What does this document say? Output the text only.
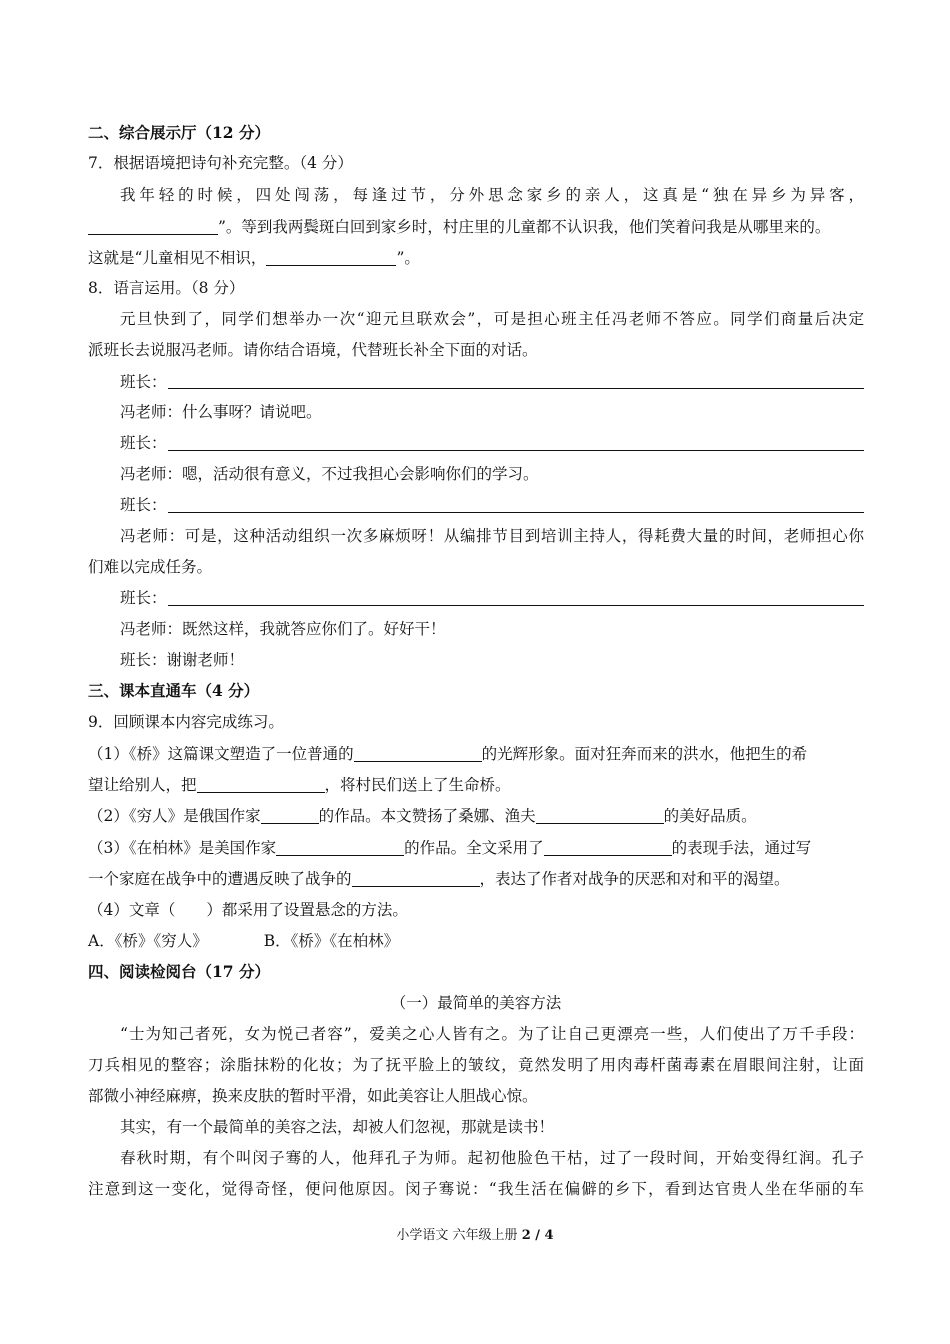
二、综合展示厅（12 分）
7．根据语境把诗句补充完整。（4 分）
我年轻的时候，四处闯荡，每逢过节，分外思念家乡的亲人，这真是“独在异乡为异客，
”。等到我两鬓斑白回到家乡时，村庄里的儿童都不认识我，他们笑着问我是从哪里来的。
这就是“儿童相见不相识，	”。
8．语言运用。（8 分）
元旦快到了，同学们想举办一次“迎元旦联欢会”，可是担心班主任冯老师不答应。同学们商量后决定
派班长去说服冯老师。请你结合语境，代替班长补全下面的对话。
班长：
冯老师：什么事呀？请说吧。
班长：
冯老师：嗯，活动很有意义，不过我担心会影响你们的学习。
班长：
冯老师：可是，这种活动组织一次多麻烦呀！从编排节目到培训主持人，得耗费大量的时间，老师担心你
们难以完成任务。
班长：
冯老师：既然这样，我就答应你们了。好好干！
班长：谢谢老师！
三、课本直通车（4 分）
9．回顾课本内容完成练习。
（1）《桥》这篇课文塑造了一位普通的	的光辉形象。面对狂奔而来的洪水，他把生的希
望让给别人，把	，将村民们送上了生命桥。
（2）《穷人》是俄国作家	的作品。本文赞扬了桑娜、渔夫	的美好品质。
（3）《在柏林》是美国作家	的作品。全文采用了	的表现手法，通过写
一个家庭在战争中的遭遇反映了战争的	，表达了作者对战争的厌恶和对和平的渴望。
（4）文章（　　）都采用了设置悬念的方法。
A．《桥》《穷人》	B．《桥》《在柏林》
四、阅读检阅台（17 分）
（一）最简单的美容方法
“士为知己者死，女为悦己者容”，爱美之心人皆有之。为了让自己更漂亮一些，人们使出了万千手段：
刀兵相见的整容；涂脂抹粉的化妆；为了抚平脸上的皱纹，竟然发明了用肉毒杆菌毒素在眉眼间注射，让面
部微小神经麻痹，换来皮肤的暂时平滑，如此美容让人胆战心惊。
其实，有一个最简单的美容之法，却被人们忽视，那就是读书！
春秋时期，有个叫闵子骞的人，他拜孔子为师。起初他脸色干枯，过了一段时间，开始变得红润。孔子
注意到这一变化，觉得奇怪，便问他原因。闵子骞说：“我生活在偏僻的乡下，看到达官贵人坐在华丽的车
小学语文 六年级上册 2 / 4
